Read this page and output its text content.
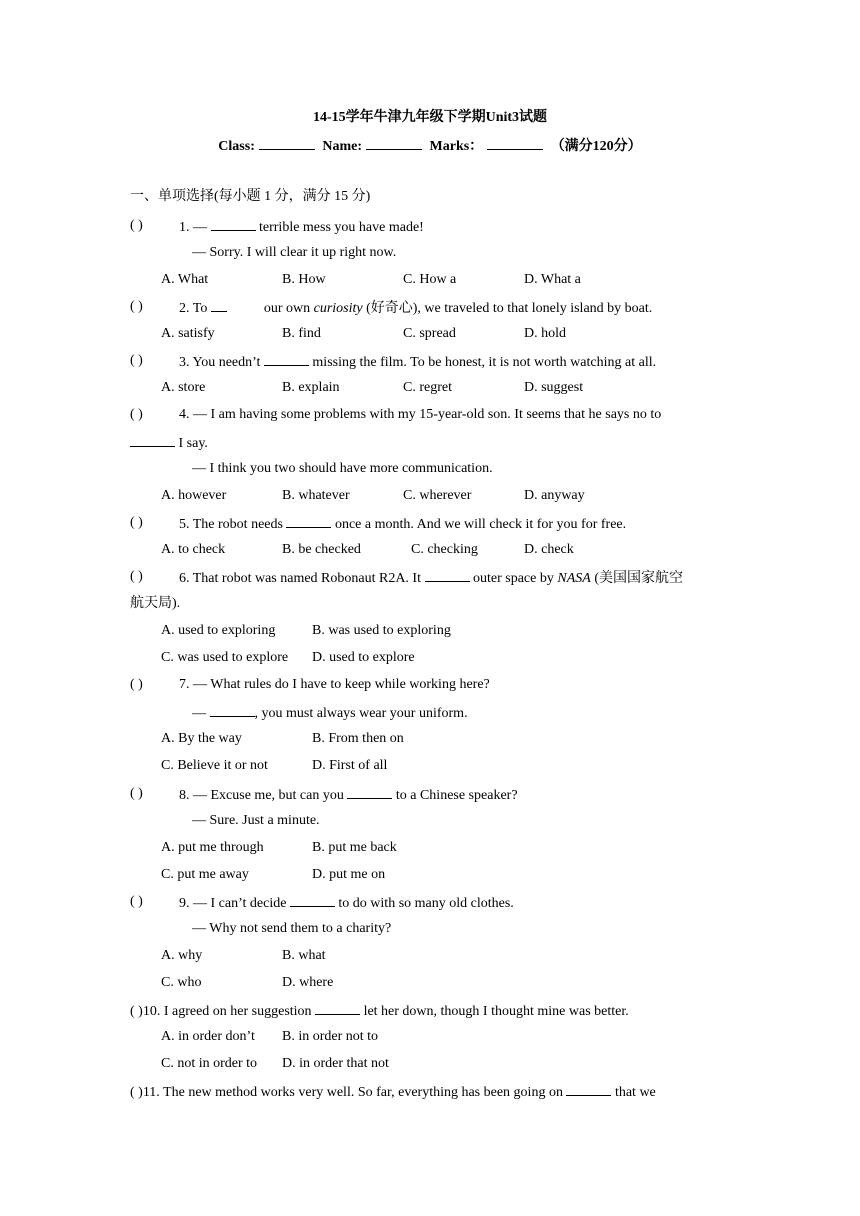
14-15学年牛津九年级下学期Unit3试题
Class:	Name:	Marks：	（满分120分）
一、单项选择(每小题 1 分，满分 15 分)
( )	1. —	terrible mess you have made!
— Sorry. I will clear it up right now.
A. What	B. How	C. How a	D. What a
( )	2. To	our own curiosity (好奇心), we traveled to that lonely island by boat.
A. satisfy	B. find	C. spread	D. hold
( )	3. You needn’t	missing the film. To be honest, it is not worth watching at all.
A. store	B. explain	C. regret	D. suggest
( )	4. — I am having some problems with my 15-year-old son. It seems that he says no to
I say.
— I think you two should have more communication.
A. however	B. whatever	C. wherever	D. anyway
( )	5. The robot needs	once a month. And we will check it for you for free.
A. to check	B. be checked	C. checking	D. check
( )	6. That robot was named Robonaut R2A. It	outer space by NASA (美国国家航空
航天局).
A. used to exploring	B. was used to exploring
C. was used to explore D. used to explore
( )	7. — What rules do I have to keep while working here?
—	, you must always wear your uniform.
A. By the way	B. From then on
C. Believe it or not	D. First of all
( )	8. — Excuse me, but can you	to a Chinese speaker?
— Sure. Just a minute.
A. put me through	B. put me back
C. put me away	D. put me on
( )	9. — I can’t decide	to do with so many old clothes.
— Why not send them to a charity?
A. why	B. what
C. who	D. where
( )10. I agreed on her suggestion	let her down, though I thought mine was better.
A. in order don’t B. in order not to
C. not in order to D. in order that not
( )11. The new method works very well. So far, everything has been going on	that we
